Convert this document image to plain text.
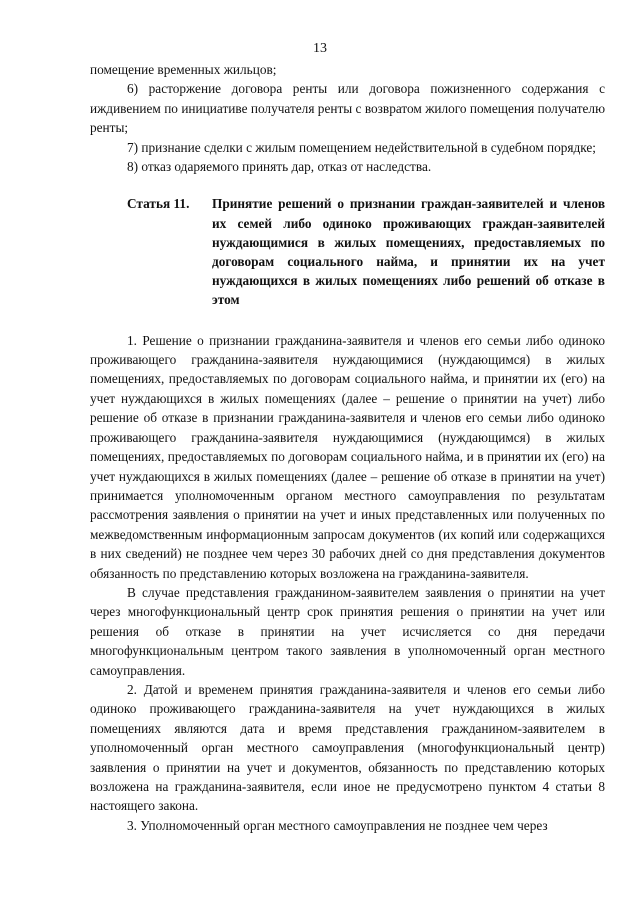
13

помещение временных жильцов;

6) расторжение договора ренты или договора пожизненного содержания с иждивением по инициативе получателя ренты с возвратом жилого помещения получателю ренты;

7) признание сделки с жилым помещением недействительной в судебном порядке;

8) отказ одаряемого принять дар, отказ от наследства.

Статья 11.	Принятие решений о признании граждан-заявителей и членов их семей либо одиноко проживающих граждан-заявителей нуждающимися в жилых помещениях, предоставляемых по договорам социального найма, и принятии их на учет нуждающихся в жилых помещениях либо решений об отказе в этом

1. Решение о признании гражданина-заявителя и членов его семьи либо одиноко проживающего гражданина-заявителя нуждающимися (нуждающимся) в жилых помещениях, предоставляемых по договорам социального найма, и принятии их (его) на учет нуждающихся в жилых помещениях (далее – решение о принятии на учет) либо решение об отказе в признании гражданина-заявителя и членов его семьи либо одиноко проживающего гражданина-заявителя нуждающимися (нуждающимся) в жилых помещениях, предоставляемых по договорам социального найма, и в принятии их (его) на учет нуждающихся в жилых помещениях (далее – решение об отказе в принятии на учет) принимается уполномоченным органом местного самоуправления по результатам рассмотрения заявления о принятии на учет и иных представленных или полученных по межведомственным информационным запросам документов (их копий или содержащихся в них сведений) не позднее чем через 30 рабочих дней со дня представления документов обязанность по представлению которых возложена на гражданина-заявителя.

В случае представления гражданином-заявителем заявления о принятии на учет через многофункциональный центр срок принятия решения о принятии на учет или решения об отказе в принятии на учет исчисляется со дня передачи многофункциональным центром такого заявления в уполномоченный орган местного самоуправления.

2. Датой и временем принятия гражданина-заявителя и членов его семьи либо одиноко проживающего гражданина-заявителя на учет нуждающихся в жилых помещениях являются дата и время представления гражданином-заявителем в уполномоченный орган местного самоуправления (многофункциональный центр) заявления о принятии на учет и документов, обязанность по представлению которых возложена на гражданина-заявителя, если иное не предусмотрено пунктом 4 статьи 8 настоящего закона.

3. Уполномоченный орган местного самоуправления не позднее чем через
